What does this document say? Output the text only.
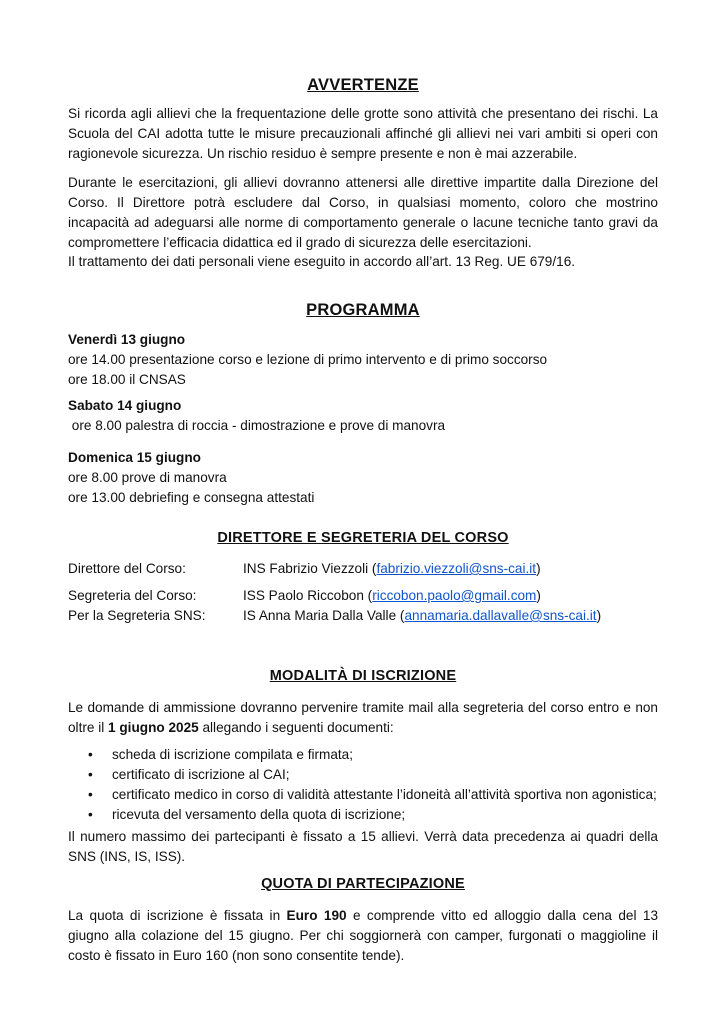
AVVERTENZE

Si ricorda agli allievi che la frequentazione delle grotte sono attività che presentano dei rischi. La Scuola del CAI adotta tutte le misure precauzionali affinché gli allievi nei vari ambiti si operi con ragionevole sicurezza. Un rischio residuo è sempre presente e non è mai azzerabile.

Durante le esercitazioni, gli allievi dovranno attenersi alle direttive impartite dalla Direzione del Corso. Il Direttore potrà escludere dal Corso, in qualsiasi momento, coloro che mostrino incapacità ad adeguarsi alle norme di comportamento generale o lacune tecniche tanto gravi da compromettere l’efficacia didattica ed il grado di sicurezza delle esercitazioni.

Il trattamento dei dati personali viene eseguito in accordo all’art. 13 Reg. UE 679/16.

PROGRAMMA
Venerdì 13 giugno
ore 14.00 presentazione corso e lezione di primo intervento e di primo soccorso
ore 18.00 il CNSAS
Sabato 14 giugno
ore 8.00 palestra di roccia - dimostrazione e prove di manovra
Domenica 15 giugno
ore 8.00 prove di manovra
ore 13.00 debriefing e consegna attestati
DIRETTORE E SEGRETERIA DEL CORSO
Direttore del Corso:	INS Fabrizio Viezzoli (fabrizio.viezzoli@sns-cai.it)
Segreteria del Corso:	ISS Paolo Riccobon (riccobon.paolo@gmail.com)
Per la Segreteria SNS:	IS Anna Maria Dalla Valle (annamaria.dallavalle@sns-cai.it)
MODALITÀ DI ISCRIZIONE

Le domande di ammissione dovranno pervenire tramite mail alla segreteria del corso entro e non oltre il 1 giugno 2025 allegando i seguenti documenti:

• scheda di iscrizione compilata e firmata;
• certificato di iscrizione al CAI;
• certificato medico in corso di validità attestante l’idoneità all’attività sportiva non agonistica;
• ricevuta del versamento della quota di iscrizione;

Il numero massimo dei partecipanti è fissato a 15 allievi. Verrà data precedenza ai quadri della SNS (INS, IS, ISS).

QUOTA DI PARTECIPAZIONE

La quota di iscrizione è fissata in Euro 190 e comprende vitto ed alloggio dalla cena del 13 giugno alla colazione del 15 giugno. Per chi soggiornerà con camper, furgonati o maggioline il costo è fissato in Euro 160 (non sono consentite tende).
